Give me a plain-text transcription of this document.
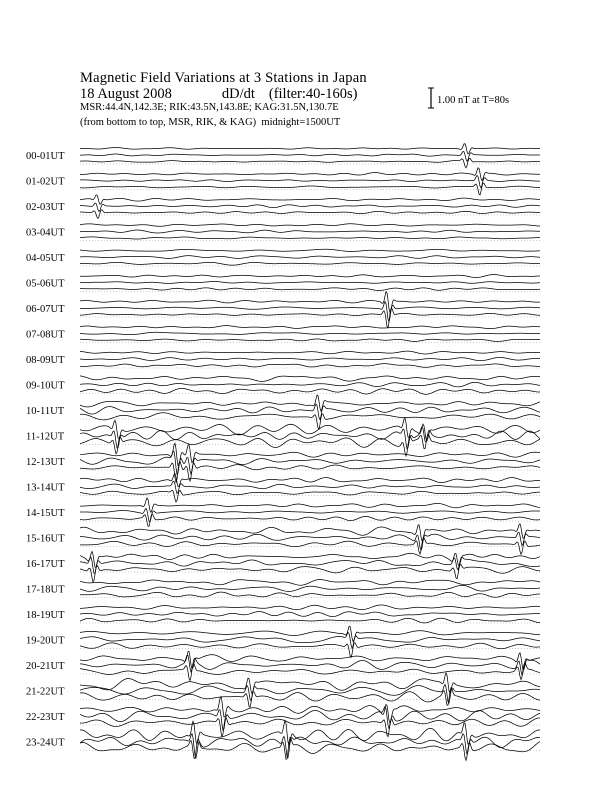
Magnetic Field Variations at 3 Stations in Japan
18 August 2008	dD/dt (filter:40-160s)
MSR:44.4N,142.3E; RIK:43.5N,143.8E; KAG:31.5N,130.7E
(from bottom to top, MSR, RIK, & KAG) midnight=1500UT
1.00 nT at T=80s
00-01UT
01-02UT
02-03UT
03-04UT
04-05UT
05-06UT
06-07UT
07-08UT
08-09UT
09-10UT
10-11UT
11-12UT
12-13UT
13-14UT
14-15UT
15-16UT
16-17UT
17-18UT
18-19UT
19-20UT
20-21UT
21-22UT
22-23UT
23-24UT
